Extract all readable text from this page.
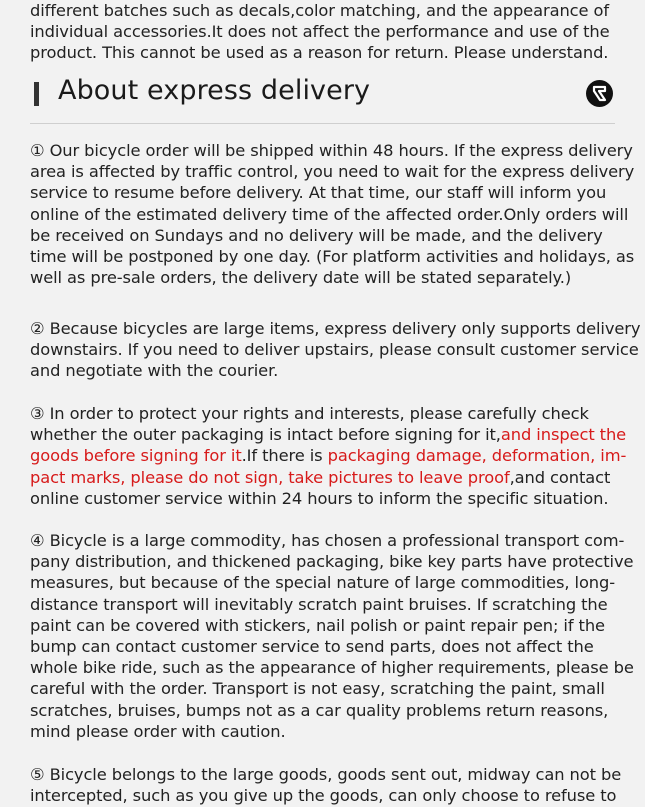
different batches such as decals,color matching, and the appearance of
individual accessories.It does not affect the performance and use of the
product. This cannot be used as a reason for return. Please understand.
About express delivery
① Our bicycle order will be shipped within 48 hours. If the express delivery area is affected by traffic control, you need to wait for the express delivery service to resume before delivery. At that time, our staff will inform you online of the estimated delivery time of the affected order.Only orders will be received on Sundays and no delivery will be made, and the delivery time will be postponed by one day. (For platform activities and holidays, as well as pre-sale orders, the delivery date will be stated separately.)
② Because bicycles are large items, express delivery only supports delivery downstairs. If you need to deliver upstairs, please consult customer service and negotiate with the courier.
③ In order to protect your rights and interests, please carefully check whether the outer packaging is intact before signing for it,and inspect the goods before signing for it.If there is packaging damage, deformation, im- pact marks, please do not sign, take pictures to leave proof,and contact online customer service within 24 hours to inform the specific situation.
④ Bicycle is a large commodity, has chosen a professional transport com- pany distribution, and thickened packaging, bike key parts have protective measures, but because of the special nature of large commodities, long- distance transport will inevitably scratch paint bruises. If scratching the paint can be covered with stickers, nail polish or paint repair pen; if the bump can contact customer service to send parts, does not affect the whole bike ride, such as the appearance of higher requirements, please be careful with the order. Transport is not easy, scratching the paint, small scratches, bruises, bumps not as a car quality problems return reasons, mind please order with caution.
⑤ Bicycle belongs to the large goods, goods sent out, midway can not be intercepted, such as you give up the goods, can only choose to refuse to
